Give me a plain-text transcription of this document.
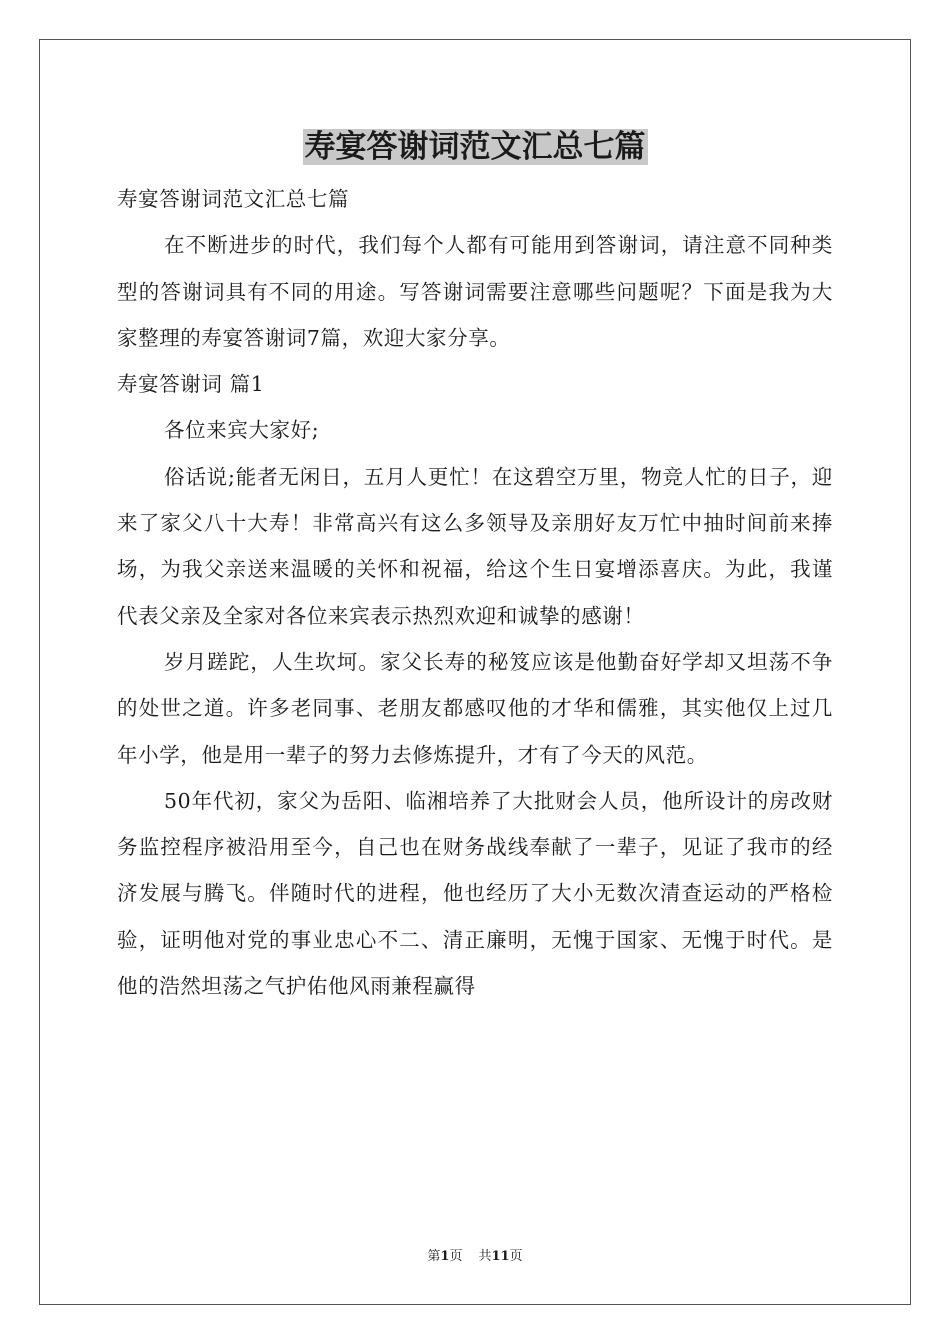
寿宴答谢词范文汇总七篇

寿宴答谢词范文汇总七篇

在不断进步的时代，我们每个人都有可能用到答谢词，请注意不同种类型的答谢词具有不同的用途。写答谢词需要注意哪些问题呢？下面是我为大家整理的寿宴答谢词7篇，欢迎大家分享。

寿宴答谢词 篇1

各位来宾大家好;

俗话说;能者无闲日，五月人更忙！在这碧空万里，物竞人忙的日子，迎来了家父八十大寿！非常高兴有这么多领导及亲朋好友万忙中抽时间前来捧场，为我父亲送来温暖的关怀和祝福，给这个生日宴增添喜庆。为此，我谨代表父亲及全家对各位来宾表示热烈欢迎和诚挚的感谢！

岁月蹉跎，人生坎坷。家父长寿的秘笈应该是他勤奋好学却又坦荡不争的处世之道。许多老同事、老朋友都感叹他的才华和儒雅，其实他仅上过几年小学，他是用一辈子的努力去修炼提升，才有了今天的风范。

50年代初，家父为岳阳、临湘培养了大批财会人员，他所设计的房改财务监控程序被沿用至今，自己也在财务战线奉献了一辈子，见证了我市的经济发展与腾飞。伴随时代的进程，他也经历了大小无数次清查运动的严格检验，证明他对党的事业忠心不二、清正廉明，无愧于国家、无愧于时代。是他的浩然坦荡之气护佑他风雨兼程赢得

第1页 共11页
